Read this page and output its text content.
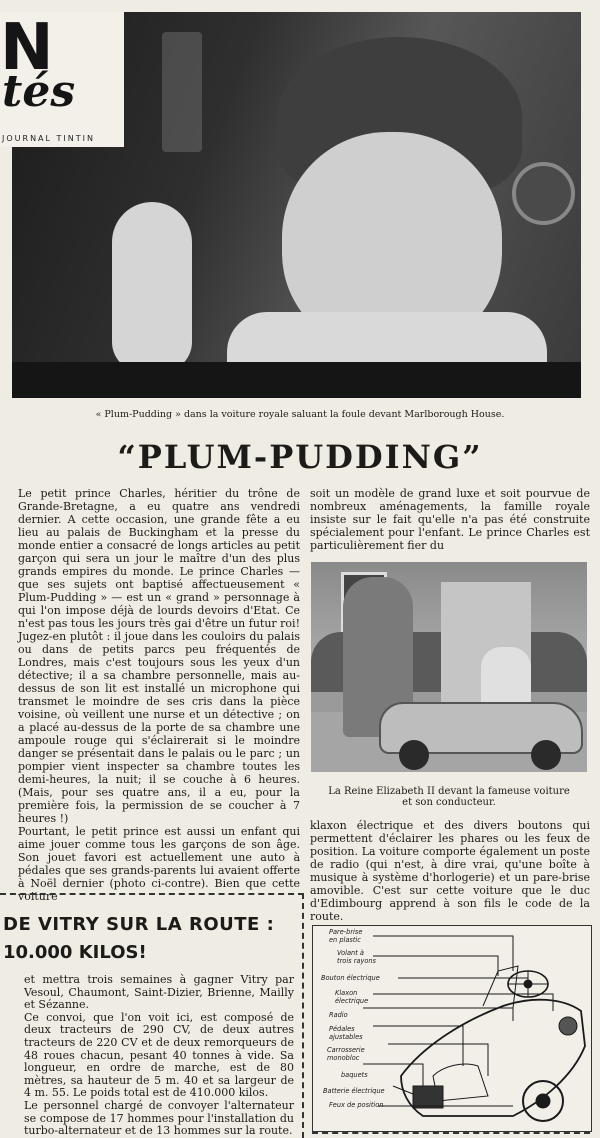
N
tés
JOURNAL TINTIN
« Plum-Pudding » dans la voiture royale saluant la foule devant Marlborough House.
“PLUM-PUDDING”
Le petit prince Charles, héritier du trône de Grande-Bretagne, a eu quatre ans vendredi dernier. A cette occasion, une grande fête a eu lieu au palais de Buckingham et la presse du monde entier a consacré de longs articles au petit garçon qui sera un jour le maître d'un des plus grands empires du monde. Le prince Charles — que ses sujets ont baptisé affectueusement « Plum-Pudding » — est un « grand » personnage à qui l'on impose déjà de lourds devoirs d'Etat. Ce n'est pas tous les jours très gai d'être un futur roi! Jugez-en plutôt : il joue dans les couloirs du palais ou dans de petits parcs peu fréquentés de Londres, mais c'est toujours sous les yeux d'un détective; il a sa chambre personnelle, mais au-dessus de son lit est installé un microphone qui transmet le moindre de ses cris dans la pièce voisine, où veillent une nurse et un détective ; on a placé au-dessus de la porte de sa chambre une ampoule rouge qui s'éclairerait si le moindre danger se présentait dans le palais ou le parc ; un pompier vient inspecter sa chambre toutes les demi-heures, la nuit; il se couche à 6 heures. (Mais, pour ses quatre ans, il a eu, pour la première fois, la permission de se coucher à 7 heures !)
Pourtant, le petit prince est aussi un enfant qui aime jouer comme tous les garçons de son âge. Son jouet favori est actuellement une auto à pédales que ses grands-parents lui avaient offerte à Noël dernier (photo ci-contre). Bien que cette voiture
soit un modèle de grand luxe et soit pourvue de nombreux aménagements, la famille royale insiste sur le fait qu'elle n'a pas été construite spécialement pour l'enfant. Le prince Charles est particulièrement fier du
La Reine Elizabeth II devant la fameuse voiture
et son conducteur.
klaxon électrique et des divers boutons qui permettent d'éclairer les phares ou les feux de position. La voiture comporte également un poste de radio (qui n'est, à dire vrai, qu'une boîte à musique à système d'horlogerie) et un pare-brise amovible. C'est sur cette voiture que le duc d'Edimbourg apprend à son fils le code de la route.
DE VITRY SUR LA ROUTE :
10.000 KILOS!
et mettra trois semaines à gagner Vitry par Vesoul, Chaumont, Saint-Dizier, Brienne, Mailly et Sézanne.
Ce convoi, que l'on voit ici, est composé de deux tracteurs de 290 CV, de deux autres tracteurs de 220 CV et de deux remorqueurs de 48 roues chacun, pesant 40 tonnes à vide. Sa longueur, en ordre de marche, est de 80 mètres, sa hauteur de 5 m. 40 et sa largeur de 4 m. 55. Le poids total est de 410.000 kilos.
Le personnel chargé de convoyer l'alternateur se compose de 17 hommes pour l'installation du turbo-alternateur et de 13 hommes sur la route.
Pare-brise
en plastic
Volant à
trois rayons
Bouton électrique
Klaxon
électrique
Radio
Pédales
ajustables
Carrosserie
monobloc
baquets
Batterie électrique
Feux de position
